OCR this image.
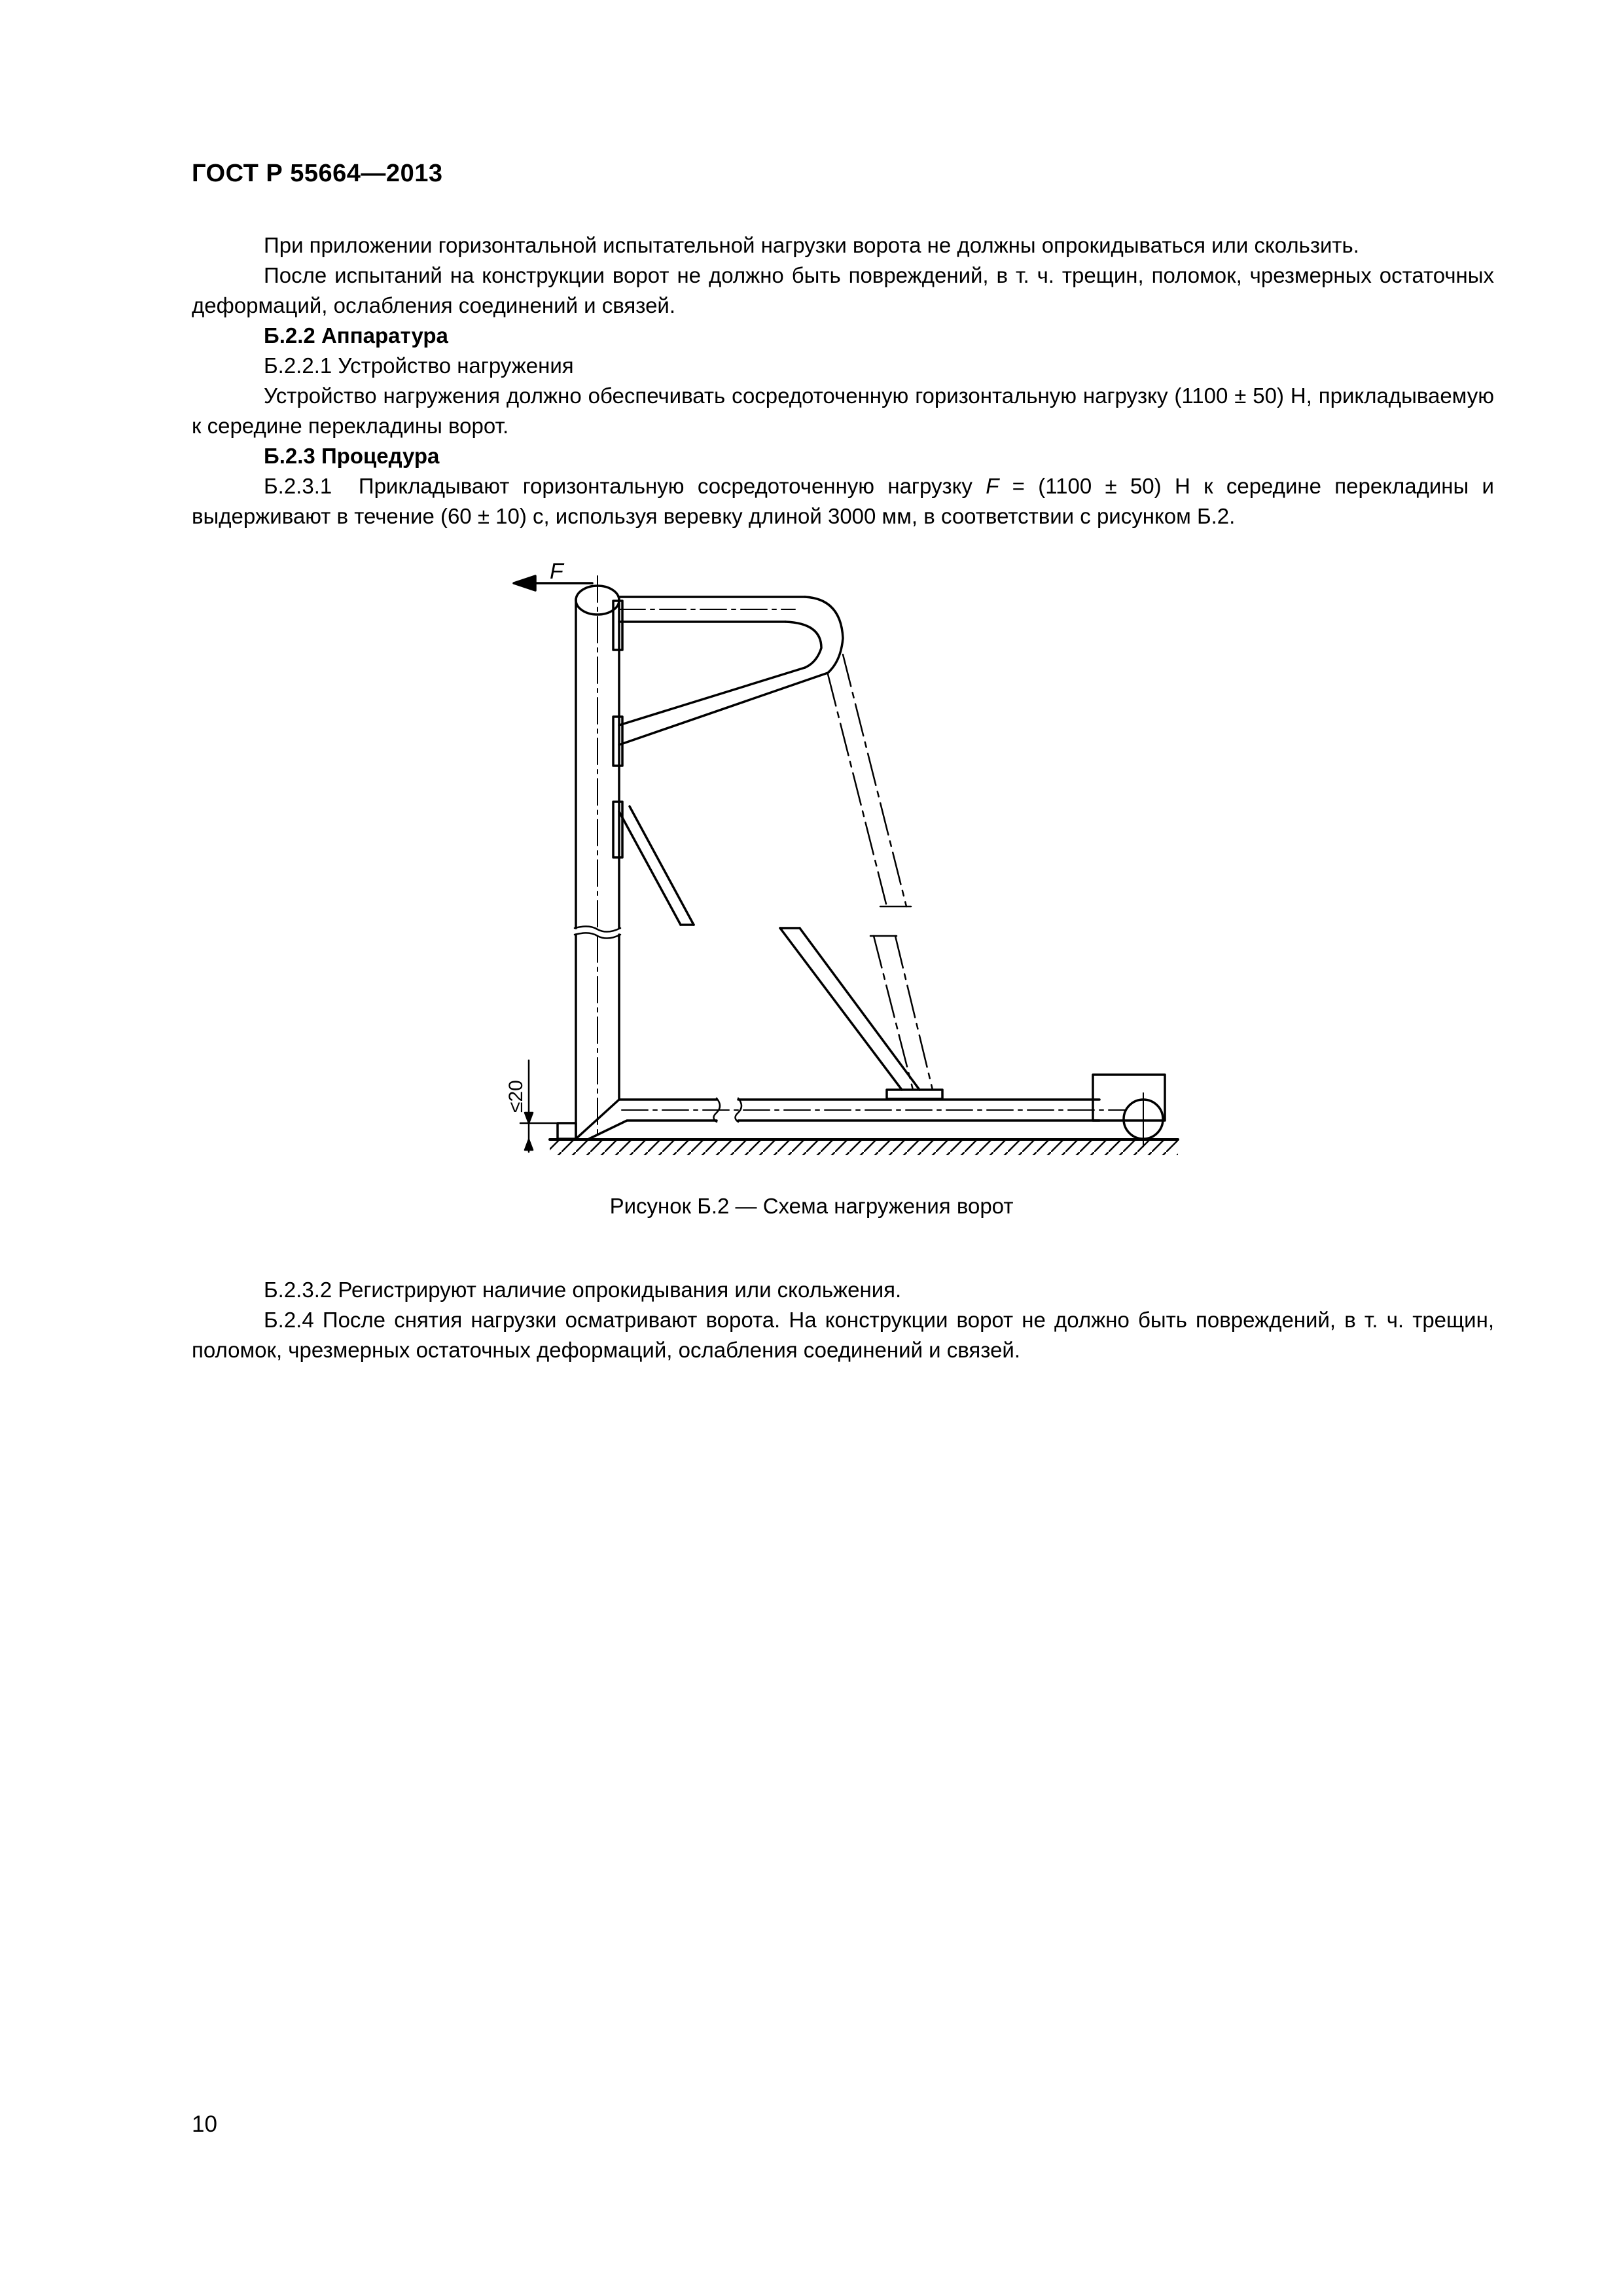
ГОСТ Р 55664—2013

При приложении горизонтальной испытательной нагрузки ворота не должны опрокидываться или скользить.

После испытаний на конструкции ворот не должно быть повреждений, в т. ч. трещин, поломок, чрезмерных остаточных деформаций, ослабления соединений и связей.

Б.2.2 Аппаратура

Б.2.2.1 Устройство нагружения

Устройство нагружения должно обеспечивать сосредоточенную горизонтальную нагрузку (1100 ± 50) Н, прикладываемую к середине перекладины ворот.

Б.2.3 Процедура

Б.2.3.1 Прикладывают горизонтальную сосредоточенную нагрузку F = (1100 ± 50) Н к середине перекладины и выдерживают в течение (60 ± 10) с, используя веревку длиной 3000 мм, в соответствии с рисунком Б.2.

F
≤20
Рисунок Б.2 — Схема нагружения ворот

Б.2.3.2 Регистрируют наличие опрокидывания или скольжения.

Б.2.4 После снятия нагрузки осматривают ворота. На конструкции ворот не должно быть повреждений, в т. ч. трещин, поломок, чрезмерных остаточных деформаций, ослабления соединений и связей.

10
